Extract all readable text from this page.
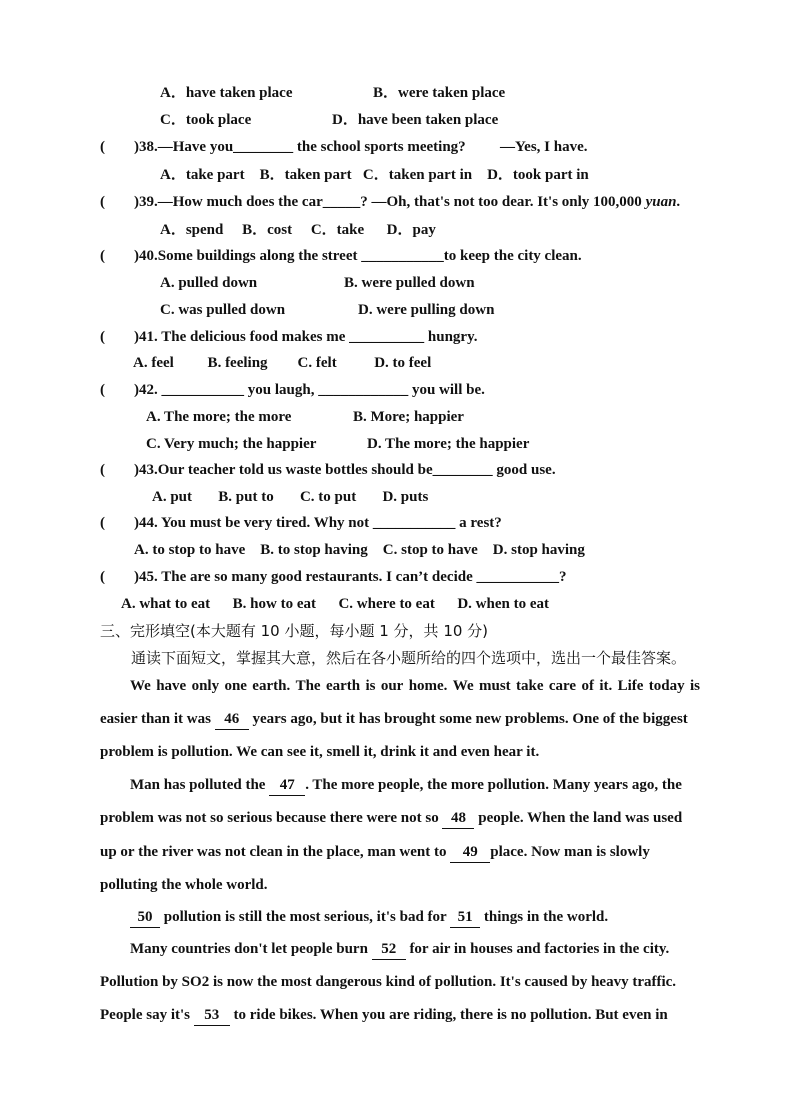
A．have taken place	B．were taken place
C．took place	D．have been taken place
( )38.—Have you________ the school sports meeting? —Yes, I have.
A．take part    B．taken part   C．taken part in    D．took part in
( )39.—How much does the car_____? —Oh, that's not too dear. It's only 100,000 yuan.
A．spend     B．cost     C．take      D．pay
( )40.Some buildings along the street ___________to keep the city clean.
A. pulled down	B. were pulled down
C. was pulled down	D. were pulling down
( )41. The delicious food makes me __________ hungry.
A. feel         B. feeling        C. felt          D. to feel
( )42. ___________ you laugh, ____________ you will be.
A. The more; the more	B. More; happier
C. Very much; the happier	D. The more; the happier
( )43.Our teacher told us waste bottles should be________ good use.
A. put       B. put to       C. to put       D. puts
( )44. You must be very tired. Why not ___________ a rest?
A. to stop to have    B. to stop having    C. stop to have    D. stop having
( )45. The are so many good restaurants. I can’t decide ___________?
A. what to eat      B. how to eat      C. where to eat      D. when to eat
三、完形填空(本大题有 10 小题，每小题 1 分，共 10 分)
通读下面短文，掌握其大意，然后在各小题所给的四个选项中，选出一个最佳答案。
We have only one earth. The earth is our home. We must take care of it. Life today is
easier than it was 46 years ago, but it has brought some new problems. One of the biggest
problem is pollution. We can see it, smell it, drink it and even hear it.
Man has polluted the 47 . The more people, the more pollution. Many years ago, the
problem was not so serious because there were not so 48 people. When the land was used
up or the river was not clean in the place, man went to 49 place. Now man is slowly
polluting the whole world.
50 pollution is still the most serious, it's bad for 51 things in the world.
Many countries don't let people burn 52 for air in houses and factories in the city.
Pollution by SO2 is now the most dangerous kind of pollution. It's caused by heavy traffic.
People say it's 53 to ride bikes. When you are riding, there is no pollution. But even in
